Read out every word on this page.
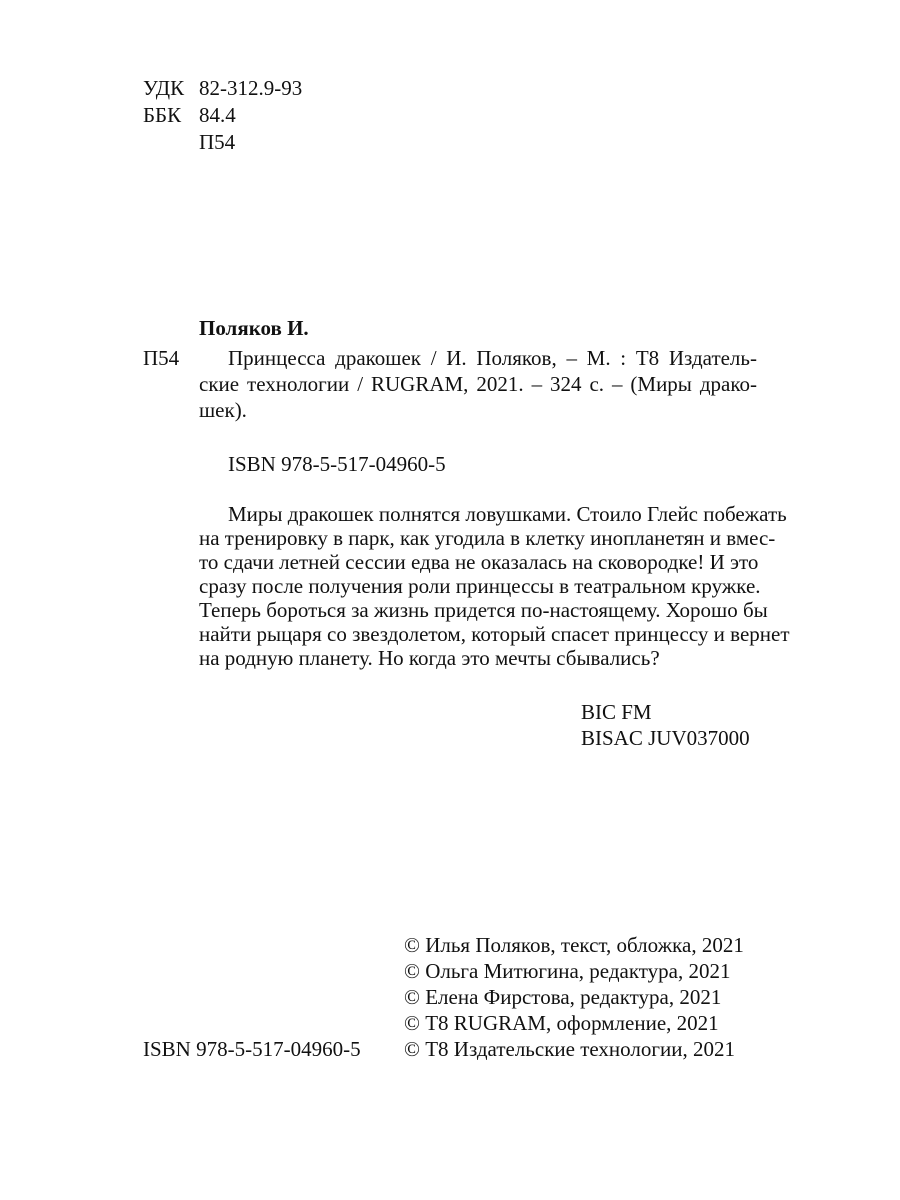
УДК 82-312.9-93
ББК 84.4
П54
Поляков И.
П54 Принцесса дракошек / И. Поляков, – М. : Т8 Издатель-
ские технологии / RUGRAM, 2021. – 324 с. – (Миры драко-
шек).
ISBN 978-5-517-04960-5
Миры дракошек полнятся ловушками. Стоило Глейс побежать
на тренировку в парк, как угодила в клетку инопланетян и вмес-
то сдачи летней сессии едва не оказалась на сковородке! И это
сразу после получения роли принцессы в театральном кружке.
Теперь бороться за жизнь придется по-настоящему. Хорошо бы
найти рыцаря со звездолетом, который спасет принцессу и вернет
на родную планету. Но когда это мечты сбывались?
BIC FM
BISAC JUV037000
© Илья Поляков, текст, обложка, 2021
© Ольга Митюгина, редактура, 2021
© Елена Фирстова, редактура, 2021
© Т8 RUGRAM, оформление, 2021
© Т8 Издательские технологии, 2021
ISBN 978-5-517-04960-5
